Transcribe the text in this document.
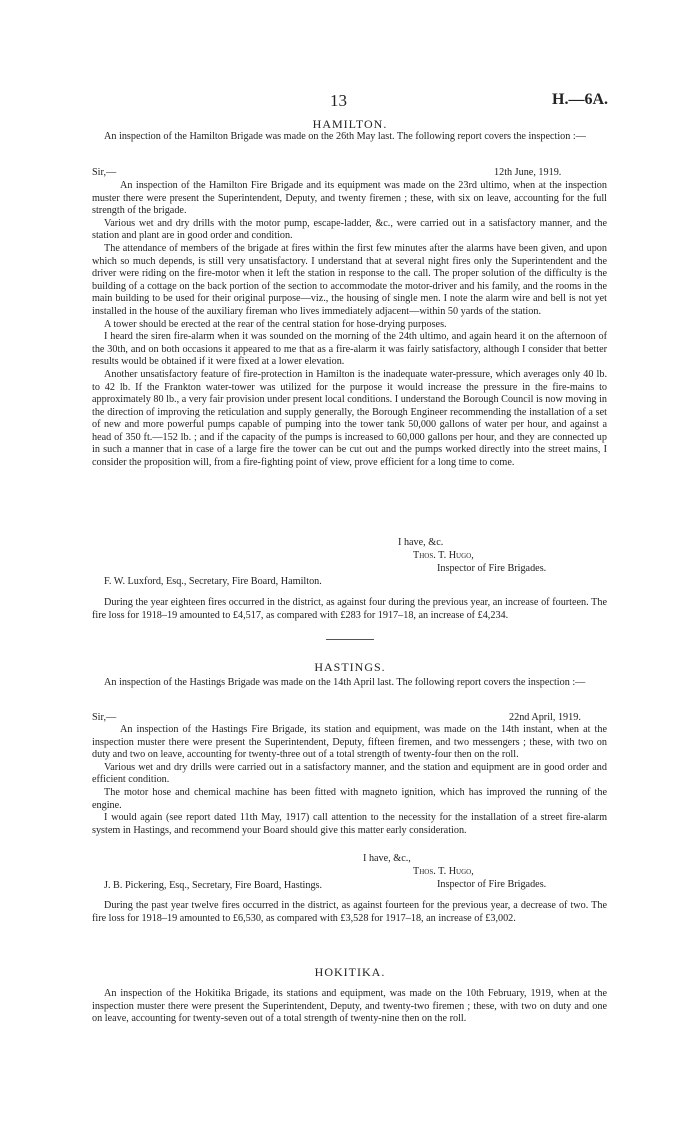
13	H.—6A.
HAMILTON.

An inspection of the Hamilton Brigade was made on the 26th May last. The following report covers the inspection :—

Sir,—	12th June, 1919.

An inspection of the Hamilton Fire Brigade and its equipment was made on the 23rd ultimo, when at the inspection muster there were present the Superintendent, Deputy, and twenty firemen ; these, with six on leave, accounting for the full strength of the brigade.

Various wet and dry drills with the motor pump, escape-ladder, &c., were carried out in a satisfactory manner, and the station and plant are in good order and condition.

The attendance of members of the brigade at fires within the first few minutes after the alarms have been given, and upon which so much depends, is still very unsatisfactory. I understand that at several night fires only the Superintendent and the driver were riding on the fire-motor when it left the station in response to the call. The proper solution of the difficulty is the building of a cottage on the back portion of the section to accommodate the motor-driver and his family, and the rooms in the main building to be used for their original purpose—viz., the housing of single men. I note the alarm wire and bell is not yet installed in the house of the auxiliary fireman who lives immediately adjacent—within 50 yards of the station.

A tower should be erected at the rear of the central station for hose-drying purposes.

I heard the siren fire-alarm when it was sounded on the morning of the 24th ultimo, and again heard it on the afternoon of the 30th, and on both occasions it appeared to me that as a fire-alarm it was fairly satisfactory, although I consider that better results would be obtained if it were fixed at a lower elevation.

Another unsatisfactory feature of fire-protection in Hamilton is the inadequate water-pressure, which averages only 40 lb. to 42 lb. If the Frankton water-tower was utilized for the purpose it would increase the pressure in the fire-mains to approximately 80 lb., a very fair provision under present local conditions. I understand the Borough Council is now moving in the direction of improving the reticulation and supply generally, the Borough Engineer recommending the installation of a set of new and more powerful pumps capable of pumping into the tower tank 50,000 gallons of water per hour, and against a head of 350 ft.—152 lb. ; and if the capacity of the pumps is increased to 60,000 gallons per hour, and they are connected up in such a manner that in case of a large fire the tower can be cut out and the pumps worked directly into the street mains, I consider the proposition will, from a fire-fighting point of view, prove efficient for a long time to come.

I have, &c.
Thos. T. Hugo,
Inspector of Fire Brigades.
F. W. Luxford, Esq., Secretary, Fire Board, Hamilton.

During the year eighteen fires occurred in the district, as against four during the previous year, an increase of fourteen. The fire loss for 1918–19 amounted to £4,517, as compared with £283 for 1917–18, an increase of £4,234.

HASTINGS.

An inspection of the Hastings Brigade was made on the 14th April last. The following report covers the inspection :—

Sir,—	22nd April, 1919.

An inspection of the Hastings Fire Brigade, its station and equipment, was made on the 14th instant, when at the inspection muster there were present the Superintendent, Deputy, fifteen firemen, and two messengers ; these, with two on duty and two on leave, accounting for twenty-three out of a total strength of twenty-four then on the roll.

Various wet and dry drills were carried out in a satisfactory manner, and the station and equipment are in good order and efficient condition.

The motor hose and chemical machine has been fitted with magneto ignition, which has improved the running of the engine.

I would again (see report dated 11th May, 1917) call attention to the necessity for the installation of a street fire-alarm system in Hastings, and recommend your Board should give this matter early consideration.

I have, &c.,
Thos. T. Hugo,
Inspector of Fire Brigades.
J. B. Pickering, Esq., Secretary, Fire Board, Hastings.

During the past year twelve fires occurred in the district, as against fourteen for the previous year, a decrease of two. The fire loss for 1918–19 amounted to £6,530, as compared with £3,528 for 1917–18, an increase of £3,002.

HOKITIKA.

An inspection of the Hokitika Brigade, its stations and equipment, was made on the 10th February, 1919, when at the inspection muster there were present the Superintendent, Deputy, and twenty-two firemen ; these, with two on duty and one on leave, accounting for twenty-seven out of a total strength of twenty-nine then on the roll.
